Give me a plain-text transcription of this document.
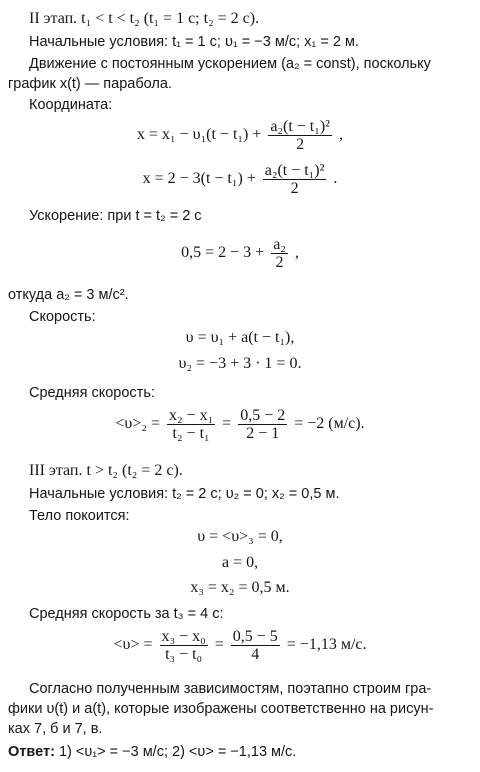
II этап. t₁ < t < t₂ (t₁ = 1 с; t₂ = 2 с).
Начальные условия: t₁ = 1 с; υ₁ = −3 м/с; x₁ = 2 м.
Движение с постоянным ускорением (a₂ = const), поскольку
график x(t) — парабола.
Координата:
$x = x_1 - \upsilon_1(t - t_1) + \frac{\text{a₂(t − t₁)²}}{2}$ ,
$x = 2 - 3(t - t_1) + \frac{\text{a₂(t − t₁)²}}{2}$ .
Ускорение: при t = t₂ = 2 с
$0,5 = 2 - 3 + \frac{\text{a₂}}{2}$ ,
откуда a₂ = 3 м/с².
Скорость:
υ = υ₁ + a(t − t₁),
υ₂ = −3 + 3 · 1 = 0.
Средняя скорость:
$<\upsilon>_2 = \frac{\text{x₂ − x₁}}{\text{t₂ − t₁}} = \frac{0,5 - 2}{2 - 1} = -2$ (м/с).
III этап. t > t₂ (t₂ = 2 с).
Начальные условия: t₂ = 2 с; υ₂ = 0; x₂ = 0,5 м.
Тело покоится:
υ = <υ>₃ = 0,
a = 0,
x₃ = x₂ = 0,5 м.
Средняя скорость за t₃ = 4 с:
$<\upsilon> = \frac{\text{x₃ − x₀}}{\text{t₃ − t₀}} = \frac{0,5 - 5}{4} = -1,13$ м/с.
Согласно полученным зависимостям, поэтапно строим гра-
фики υ(t) и a(t), которые изображены соответственно на рисун-
ках 7, б и 7, в.
Ответ: 1) <υ₁> = −3 м/с; 2) <υ> = −1,13 м/с.
